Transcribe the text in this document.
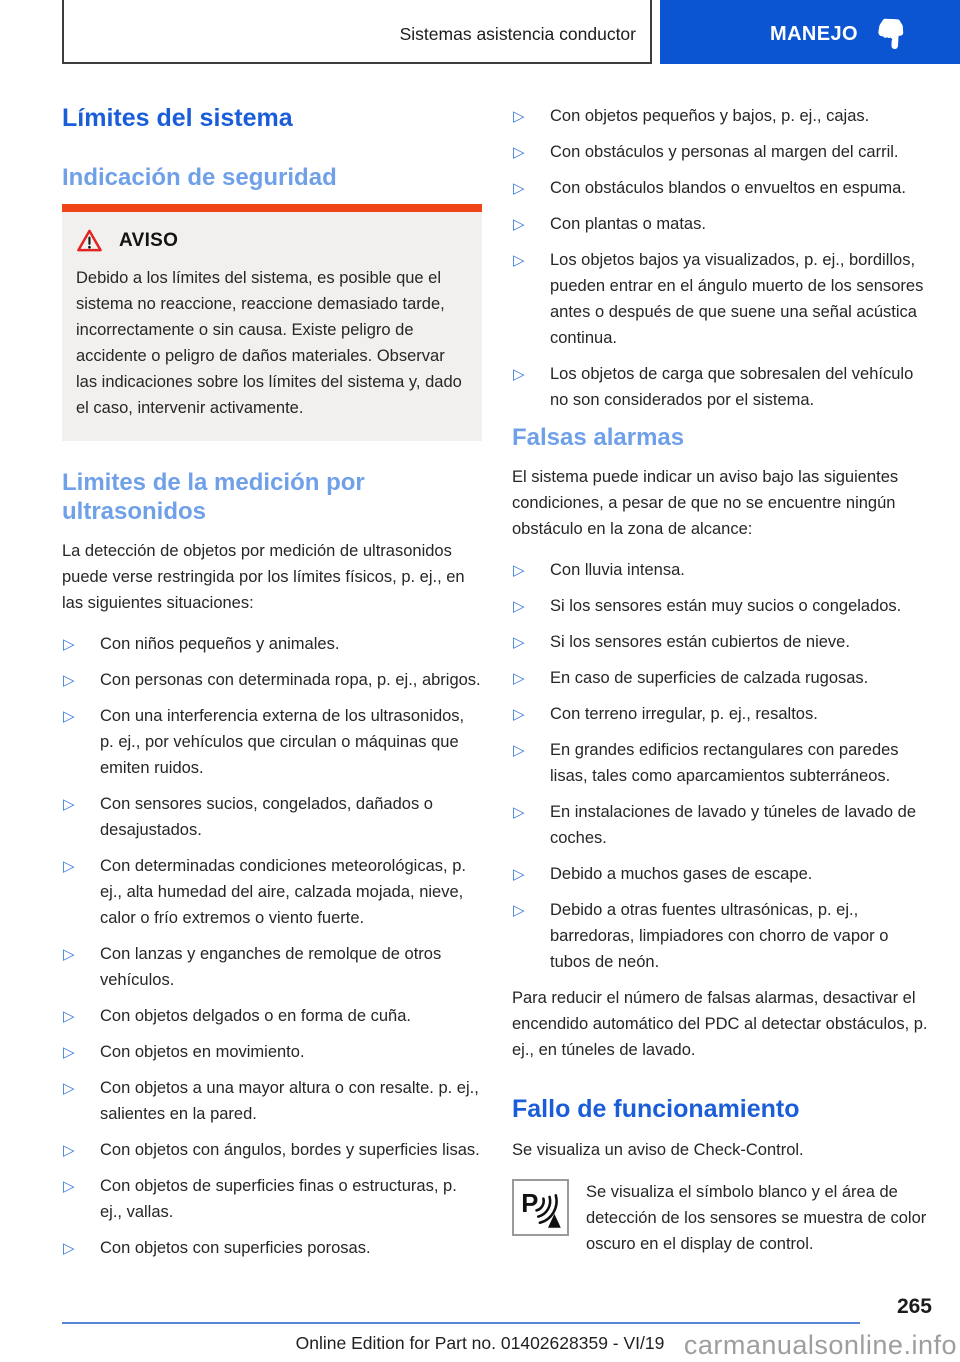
Sistemas asistencia conductor	MANEJO
Límites del sistema
Indicación de seguridad
AVISO

Debido a los límites del sistema, es posible que el sistema no reaccione, reaccione demasiado tarde, incorrectamente o sin causa. Existe peligro de accidente o peligro de daños materiales. Observar las indicaciones sobre los límites del sistema y, dado el caso, intervenir activamente.

Limites de la medición por ultrasonidos

La detección de objetos por medición de ultrasonidos puede verse restringida por los límites físicos, p. ej., en las siguientes situaciones:

▷ Con niños pequeños y animales.
▷ Con personas con determinada ropa, p. ej., abrigos.
▷ Con una interferencia externa de los ultrasonidos, p. ej., por vehículos que circulan o máquinas que emiten ruidos.
▷ Con sensores sucios, congelados, dañados o desajustados.
▷ Con determinadas condiciones meteorológicas, p. ej., alta humedad del aire, calzada mojada, nieve, calor o frío extremos o viento fuerte.
▷ Con lanzas y enganches de remolque de otros vehículos.
▷ Con objetos delgados o en forma de cuña.
▷ Con objetos en movimiento.
▷ Con objetos a una mayor altura o con resalte. p. ej., salientes en la pared.
▷ Con objetos con ángulos, bordes y superficies lisas.
▷ Con objetos de superficies finas o estructuras, p. ej., vallas.
▷ Con objetos con superficies porosas.
▷ Con objetos pequeños y bajos, p. ej., cajas.
▷ Con obstáculos y personas al margen del carril.
▷ Con obstáculos blandos o envueltos en espuma.
▷ Con plantas o matas.
▷ Los objetos bajos ya visualizados, p. ej., bordillos, pueden entrar en el ángulo muerto de los sensores antes o después de que suene una señal acústica continua.
▷ Los objetos de carga que sobresalen del vehículo no son considerados por el sistema.
Falsas alarmas

El sistema puede indicar un aviso bajo las siguientes condiciones, a pesar de que no se encuentre ningún obstáculo en la zona de alcance:

▷ Con lluvia intensa.
▷ Si los sensores están muy sucios o congelados.
▷ Si los sensores están cubiertos de nieve.
▷ En caso de superficies de calzada rugosas.
▷ Con terreno irregular, p. ej., resaltos.
▷ En grandes edificios rectangulares con paredes lisas, tales como aparcamientos subterráneos.
▷ En instalaciones de lavado y túneles de lavado de coches.
▷ Debido a muchos gases de escape.
▷ Debido a otras fuentes ultrasónicas, p. ej., barredoras, limpiadores con chorro de vapor o tubos de neón.

Para reducir el número de falsas alarmas, desactivar el encendido automático del PDC al detectar obstáculos, p. ej., en túneles de lavado.

Fallo de funcionamiento

Se visualiza un aviso de Check-Control.

P	Se visualiza el símbolo blanco y el área de detección de los sensores se muestra de color oscuro en el display de control.

265
Online Edition for Part no. 01402628359 - VI/19 carmanualsonline.info
